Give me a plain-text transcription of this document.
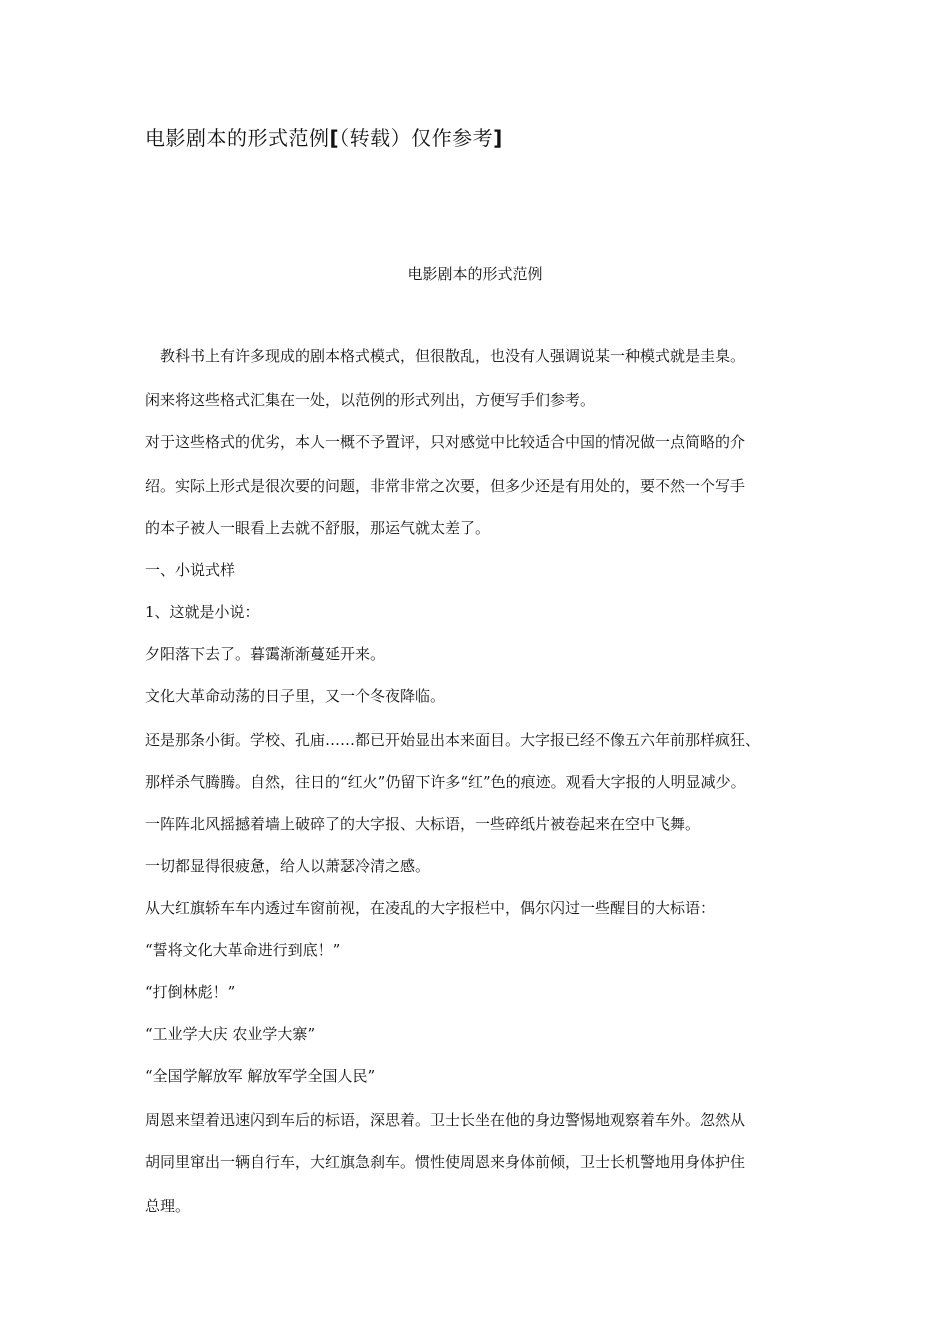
电影剧本的形式范例[（转载）仅作参考]
电影剧本的形式范例
　教科书上有许多现成的剧本格式模式，但很散乱，也没有人强调说某一种模式就是圭臬。
闲来将这些格式汇集在一处，以范例的形式列出，方便写手们参考。
对于这些格式的优劣，本人一概不予置评，只对感觉中比较适合中国的情况做一点简略的介
绍。实际上形式是很次要的问题，非常非常之次要，但多少还是有用处的，要不然一个写手
的本子被人一眼看上去就不舒服，那运气就太差了。
一、小说式样
1、这就是小说：
夕阳落下去了。暮霭渐渐蔓延开来。
文化大革命动荡的日子里，又一个冬夜降临。
还是那条小街。学校、孔庙……都已开始显出本来面目。大字报已经不像五六年前那样疯狂、
那样杀气腾腾。自然，往日的“红火”仍留下许多“红”色的痕迹。观看大字报的人明显减少。
一阵阵北风摇撼着墙上破碎了的大字报、大标语，一些碎纸片被卷起来在空中飞舞。
一切都显得很疲惫，给人以萧瑟冷清之感。
从大红旗轿车车内透过车窗前视，在凌乱的大字报栏中，偶尔闪过一些醒目的大标语：
“誓将文化大革命进行到底！”
“打倒林彪！”
“工业学大庆 农业学大寨”
“全国学解放军 解放军学全国人民”
周恩来望着迅速闪到车后的标语，深思着。卫士长坐在他的身边警惕地观察着车外。忽然从
胡同里窜出一辆自行车，大红旗急刹车。惯性使周恩来身体前倾，卫士长机警地用身体护住
总理。
